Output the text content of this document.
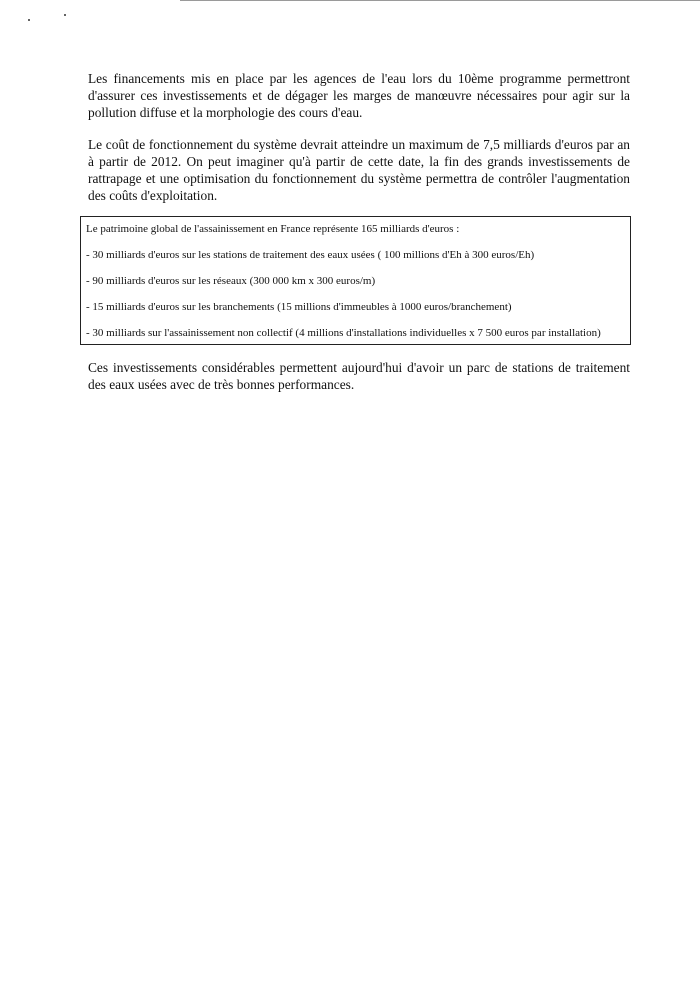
Les financements mis en place par les agences de l'eau lors du 10ème programme permettront d'assurer ces investissements et de dégager les marges de manœuvre nécessaires pour agir sur la pollution diffuse et la morphologie des cours d'eau.

Le coût de fonctionnement du système devrait atteindre un maximum de 7,5 milliards d'euros par an à partir de 2012. On peut imaginer qu'à partir de cette date, la fin des grands investissements de rattrapage et une optimisation du fonctionnement du système permettra de contrôler l'augmentation des coûts d'exploitation.

Le patrimoine global de l'assainissement en France représente 165 milliards d'euros :

- 30 milliards d'euros sur les stations de traitement des eaux usées ( 100 millions d'Eh à 300 euros/Eh)

- 90 milliards d'euros sur les réseaux (300 000 km x 300 euros/m)

- 15 milliards d'euros sur les branchements (15 millions d'immeubles à 1000 euros/branchement)

- 30 milliards sur l'assainissement non collectif (4 millions d'installations individuelles x 7 500 euros par installation)

Ces investissements considérables permettent aujourd'hui d'avoir un parc de stations de traitement des eaux usées avec de très bonnes performances.
